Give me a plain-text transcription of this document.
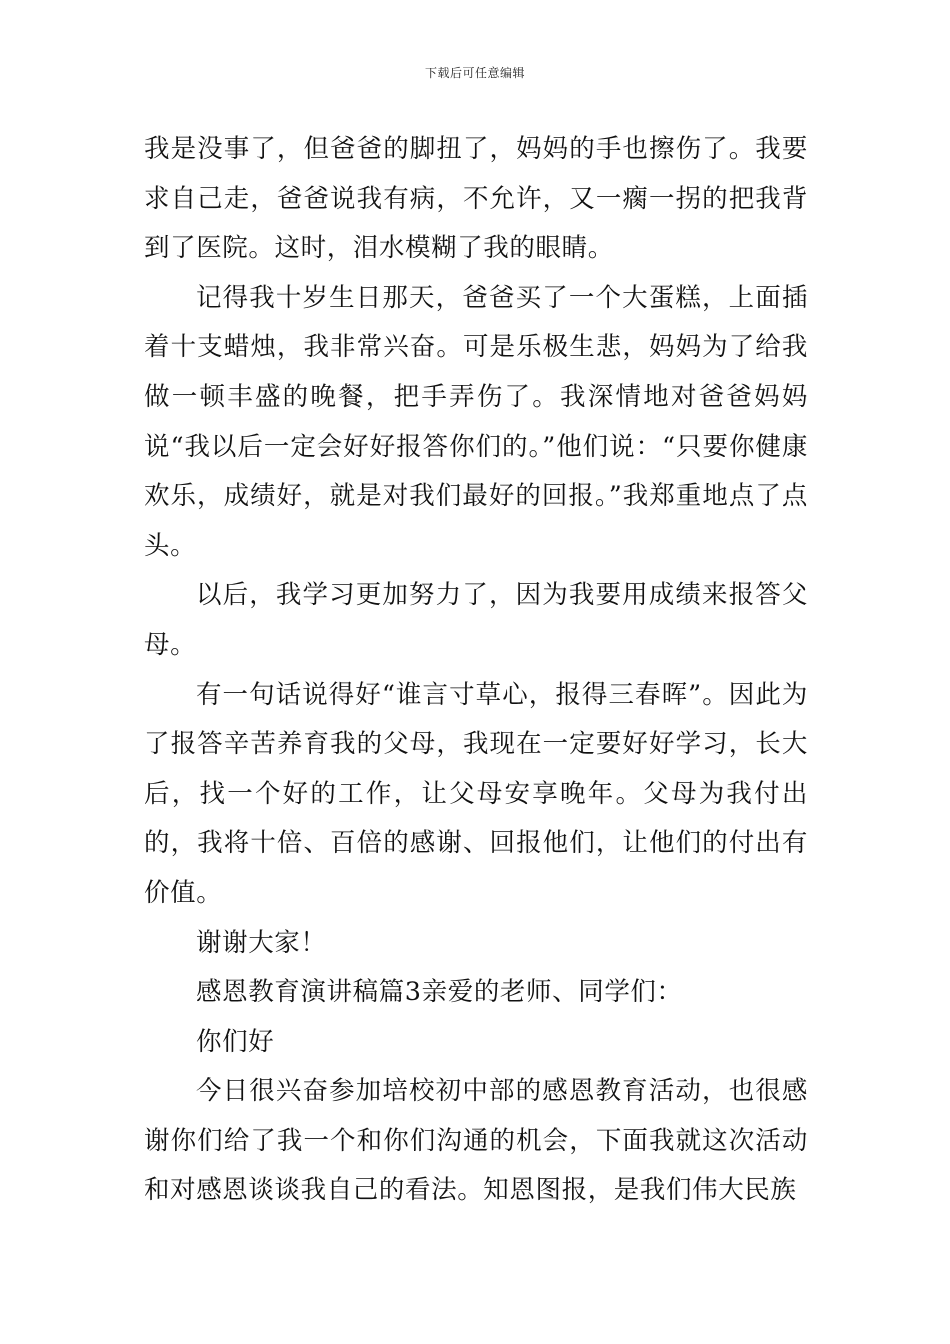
下载后可任意编辑

我是没事了，但爸爸的脚扭了，妈妈的手也擦伤了。我要求自己走，爸爸说我有病，不允许，又一瘸一拐的把我背到了医院。这时，泪水模糊了我的眼睛。

记得我十岁生日那天，爸爸买了一个大蛋糕，上面插着十支蜡烛，我非常兴奋。可是乐极生悲，妈妈为了给我做一顿丰盛的晚餐，把手弄伤了。我深情地对爸爸妈妈说“我以后一定会好好报答你们的。”他们说：“只要你健康欢乐，成绩好，就是对我们最好的回报。”我郑重地点了点头。

以后，我学习更加努力了，因为我要用成绩来报答父母。

有一句话说得好“谁言寸草心，报得三春晖”。因此为了报答辛苦养育我的父母，我现在一定要好好学习，长大后，找一个好的工作，让父母安享晚年。父母为我付出的，我将十倍、百倍的感谢、回报他们，让他们的付出有价值。

谢谢大家！

感恩教育演讲稿篇3亲爱的老师、同学们：

你们好

今日很兴奋参加培校初中部的感恩教育活动，也很感谢你们给了我一个和你们沟通的机会，下面我就这次活动和对感恩谈谈我自己的看法。知恩图报，是我们伟大民族
